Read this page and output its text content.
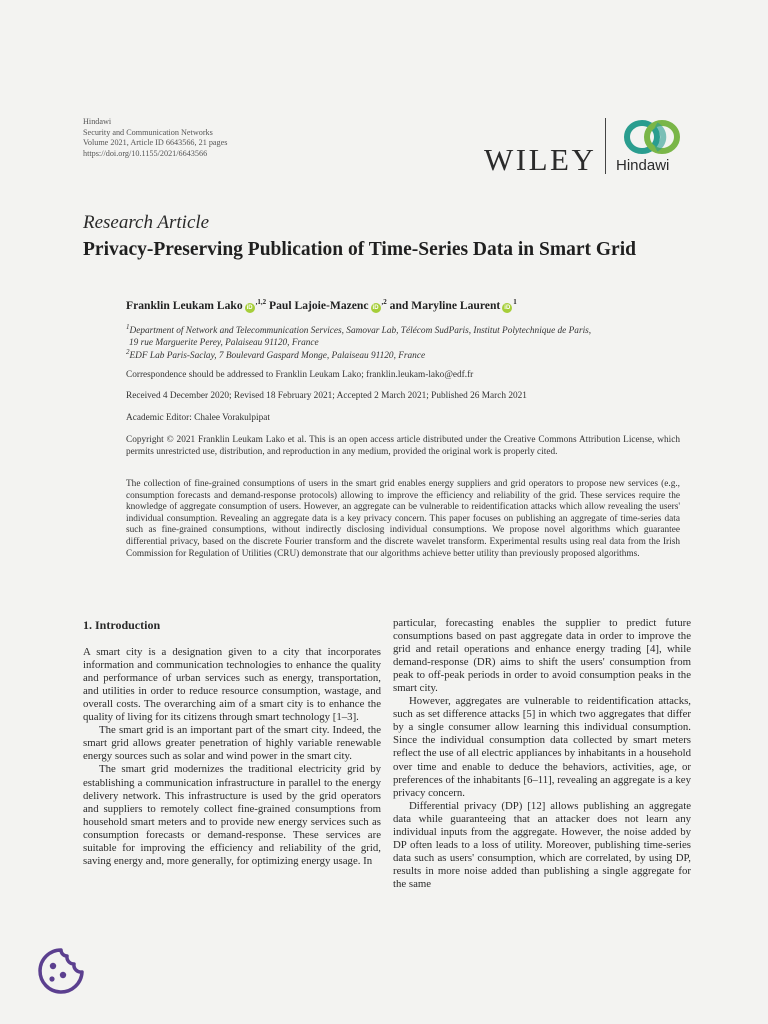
Hindawi
Security and Communication Networks
Volume 2021, Article ID 6643566, 21 pages
https://doi.org/10.1155/2021/6643566	WILEY Hindawi
Research Article
Privacy-Preserving Publication of Time-Series Data in Smart Grid
Franklin Leukam Lako $iD^{,1,2}$ Paul Lajoie-Mazenc $iD^{,2}$ and Maryline Laurent $iD^1$
$^1$Department of Network and Telecommunication Services, Samovar Lab, Télécom SudParis, Institut Polytechnique de Paris,
19 rue Marguerite Perey, Palaiseau 91120, France
$^2$EDF Lab Paris-Saclay, 7 Boulevard Gaspard Monge, Palaiseau 91120, France
Correspondence should be addressed to Franklin Leukam Lako; franklin.leukam-lako@edf.fr
Received 4 December 2020; Revised 18 February 2021; Accepted 2 March 2021; Published 26 March 2021
Academic Editor: Chalee Vorakulpipat
Copyright © 2021 Franklin Leukam Lako et al. This is an open access article distributed under the Creative Commons Attribution License, which permits unrestricted use, distribution, and reproduction in any medium, provided the original work is properly cited.
The collection of fine-grained consumptions of users in the smart grid enables energy suppliers and grid operators to propose new services (e.g., consumption forecasts and demand-response protocols) allowing to improve the efficiency and reliability of the grid. These services require the knowledge of aggregate consumption of users. However, an aggregate can be vulnerable to reidentification attacks which allow revealing the users' individual consumption. Revealing an aggregate data is a key privacy concern. This paper focuses on publishing an aggregate of time-series data such as fine-grained consumptions, without indirectly disclosing individual consumptions. We propose novel algorithms which guarantee differential privacy, based on the discrete Fourier transform and the discrete wavelet transform. Experimental results using real data from the Irish Commission for Regulation of Utilities (CRU) demonstrate that our algorithms achieve better utility than previously proposed algorithms.
1. Introduction

A smart city is a designation given to a city that incorporates information and communication technologies to enhance the quality and performance of urban services such as energy, transportation, and utilities in order to reduce resource consumption, wastage, and overall costs. The overarching aim of a smart city is to enhance the quality of living for its citizens through smart technology [1–3].

The smart grid is an important part of the smart city. Indeed, the smart grid allows greater penetration of highly variable renewable energy sources such as solar and wind power in the smart city.

The smart grid modernizes the traditional electricity grid by establishing a communication infrastructure in parallel to the energy delivery network. This infrastructure is used by the grid operators and suppliers to remotely collect fine-grained consumptions from household smart meters and to provide new energy services such as consumption forecasts or demand-response. These services are suitable for improving the efficiency and reliability of the grid, saving energy and, more generally, for optimizing energy usage. In

particular, forecasting enables the supplier to predict future consumptions based on past aggregate data in order to improve the grid and retail operations and enhance energy trading [4], while demand-response (DR) aims to shift the users' consumption from peak to off-peak periods in order to avoid consumption peaks in the smart city.

However, aggregates are vulnerable to reidentification attacks, such as set difference attacks [5] in which two aggregates that differ by a single consumer allow learning this individual consumption. Since the individual consumption data collected by smart meters reflect the use of all electric appliances by inhabitants in a household over time and enable to deduce the behaviors, activities, age, or preferences of the inhabitants [6–11], revealing an aggregate is a key privacy concern.

Differential privacy (DP) [12] allows publishing an aggregate data while guaranteeing that an attacker does not learn any individual inputs from the aggregate. However, the noise added by DP often leads to a loss of utility. Moreover, publishing time-series data such as users' consumption, which are correlated, by using DP, results in more noise added than publishing a single aggregate for the same
